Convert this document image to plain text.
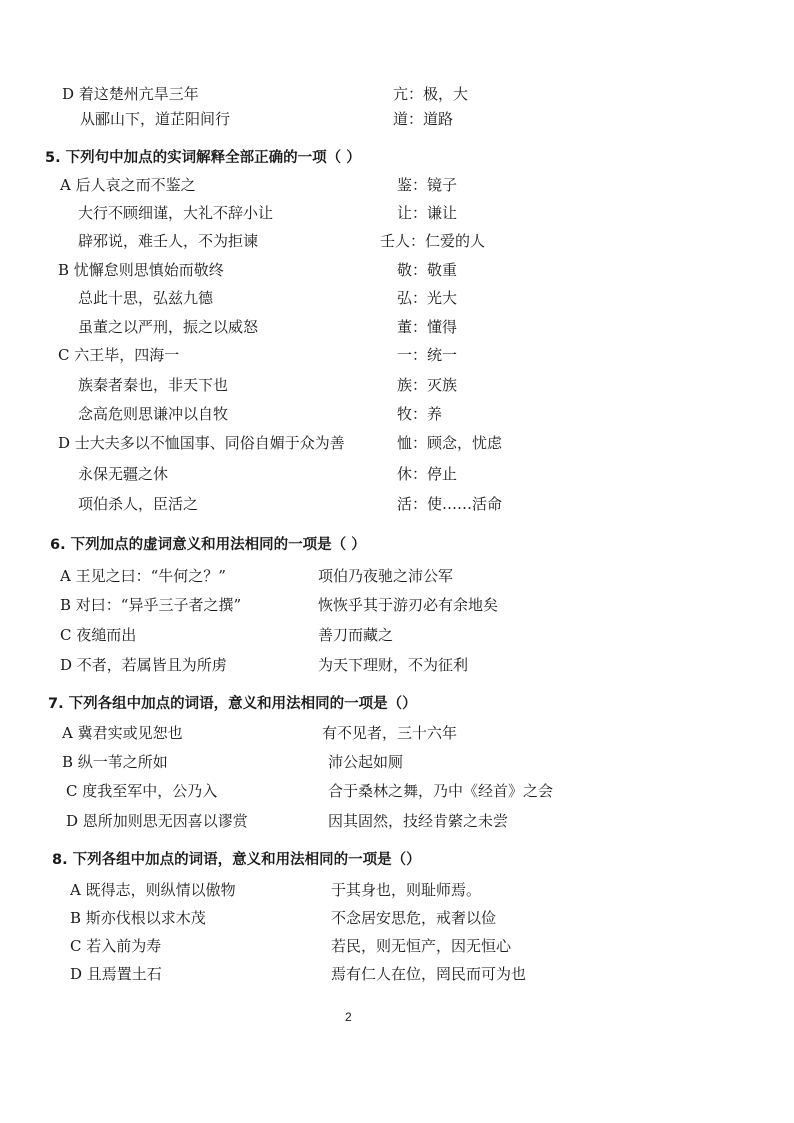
D 着这楚州亢旱三年	亢：极，大
从郦山下，道芷阳间行	道：道路
5. 下列句中加点的实词解释全部正确的一项（ ）
A 后人哀之而不鉴之	鉴：镜子
大行不顾细谨，大礼不辞小让	让：谦让
辟邪说，难壬人，不为拒谏	壬人：仁爱的人
B 忧懈怠则思慎始而敬终	敬：敬重
总此十思，弘兹九德	弘：光大
虽董之以严刑，振之以威怒	董：懂得
C 六王毕，四海一	一：统一
族秦者秦也，非天下也	族：灭族
念高危则思谦冲以自牧	牧：养
D 士大夫多以不恤国事、同俗自媚于众为善	恤：顾念，忧虑
永保无疆之休	休：停止
项伯杀人，臣活之	活：使……活命
6. 下列加点的虚词意义和用法相同的一项是（ ）
A 王见之曰：“牛何之？”	项伯乃夜驰之沛公军
B 对曰：“异乎三子者之撰”	恢恢乎其于游刃必有余地矣
C 夜缒而出	善刀而藏之
D 不者，若属皆且为所虏	为天下理财，不为征利
7. 下列各组中加点的词语，意义和用法相同的一项是（）
A 冀君实或见恕也	有不见者，三十六年
B 纵一苇之所如	沛公起如厕
C 度我至军中，公乃入	合于桑林之舞，乃中《经首》之会
D 恩所加则思无因喜以谬赏	因其固然，技经肯綮之未尝
8. 下列各组中加点的词语，意义和用法相同的一项是（）
A 既得志，则纵情以傲物	于其身也，则耻师焉。
B 斯亦伐根以求木茂	不念居安思危，戒奢以俭
C 若入前为寿	若民，则无恒产，因无恒心
D 且焉置土石	焉有仁人在位，罔民而可为也
2
